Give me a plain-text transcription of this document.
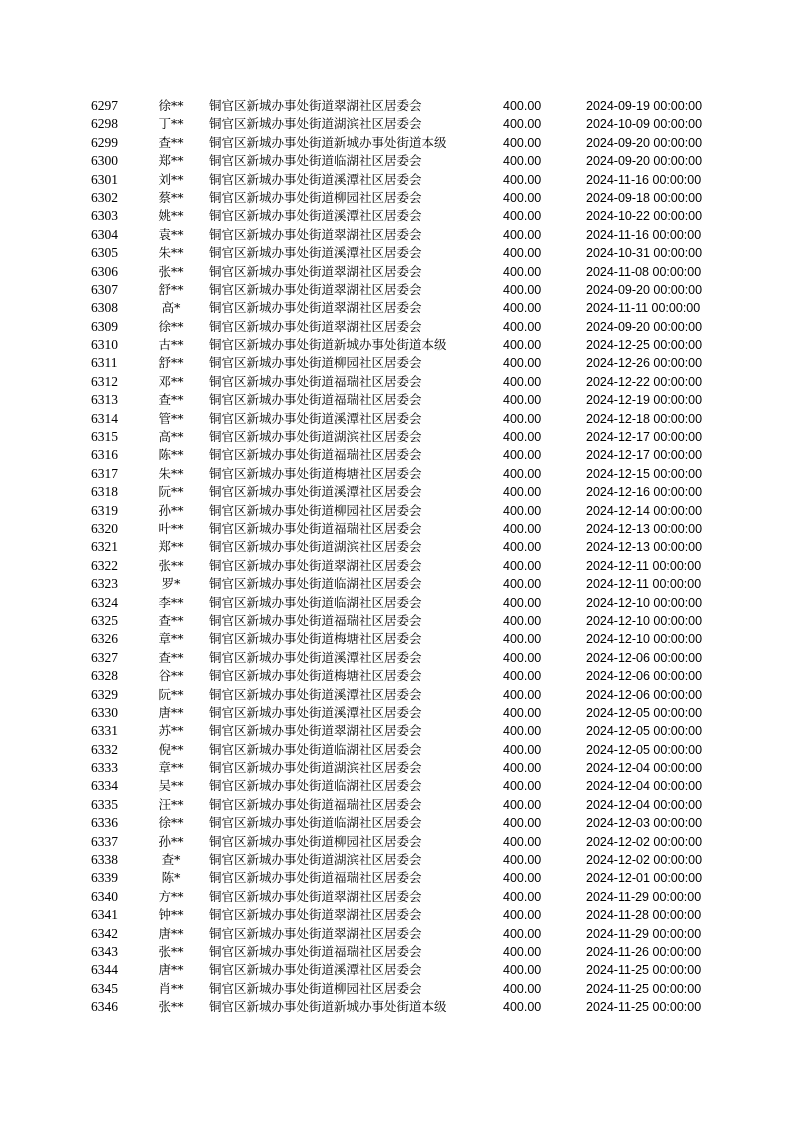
6297	徐**	铜官区新城办事处街道翠湖社区居委会	400.00	2024-09-19 00:00:00
6298	丁**	铜官区新城办事处街道湖滨社区居委会	400.00	2024-10-09 00:00:00
6299	查**	铜官区新城办事处街道新城办事处街道本级	400.00	2024-09-20 00:00:00
6300	郑**	铜官区新城办事处街道临湖社区居委会	400.00	2024-09-20 00:00:00
6301	刘**	铜官区新城办事处街道溪潭社区居委会	400.00	2024-11-16 00:00:00
6302	蔡**	铜官区新城办事处街道柳园社区居委会	400.00	2024-09-18 00:00:00
6303	姚**	铜官区新城办事处街道溪潭社区居委会	400.00	2024-10-22 00:00:00
6304	袁**	铜官区新城办事处街道翠湖社区居委会	400.00	2024-11-16 00:00:00
6305	朱**	铜官区新城办事处街道溪潭社区居委会	400.00	2024-10-31 00:00:00
6306	张**	铜官区新城办事处街道翠湖社区居委会	400.00	2024-11-08 00:00:00
6307	舒**	铜官区新城办事处街道翠湖社区居委会	400.00	2024-09-20 00:00:00
6308	高*	铜官区新城办事处街道翠湖社区居委会	400.00	2024-11-11 00:00:00
6309	徐**	铜官区新城办事处街道翠湖社区居委会	400.00	2024-09-20 00:00:00
6310	古**	铜官区新城办事处街道新城办事处街道本级	400.00	2024-12-25 00:00:00
6311	舒**	铜官区新城办事处街道柳园社区居委会	400.00	2024-12-26 00:00:00
6312	邓**	铜官区新城办事处街道福瑞社区居委会	400.00	2024-12-22 00:00:00
6313	查**	铜官区新城办事处街道福瑞社区居委会	400.00	2024-12-19 00:00:00
6314	管**	铜官区新城办事处街道溪潭社区居委会	400.00	2024-12-18 00:00:00
6315	高**	铜官区新城办事处街道湖滨社区居委会	400.00	2024-12-17 00:00:00
6316	陈**	铜官区新城办事处街道福瑞社区居委会	400.00	2024-12-17 00:00:00
6317	朱**	铜官区新城办事处街道梅塘社区居委会	400.00	2024-12-15 00:00:00
6318	阮**	铜官区新城办事处街道溪潭社区居委会	400.00	2024-12-16 00:00:00
6319	孙**	铜官区新城办事处街道柳园社区居委会	400.00	2024-12-14 00:00:00
6320	叶**	铜官区新城办事处街道福瑞社区居委会	400.00	2024-12-13 00:00:00
6321	郑**	铜官区新城办事处街道湖滨社区居委会	400.00	2024-12-13 00:00:00
6322	张**	铜官区新城办事处街道翠湖社区居委会	400.00	2024-12-11 00:00:00
6323	罗*	铜官区新城办事处街道临湖社区居委会	400.00	2024-12-11 00:00:00
6324	李**	铜官区新城办事处街道临湖社区居委会	400.00	2024-12-10 00:00:00
6325	查**	铜官区新城办事处街道福瑞社区居委会	400.00	2024-12-10 00:00:00
6326	章**	铜官区新城办事处街道梅塘社区居委会	400.00	2024-12-10 00:00:00
6327	查**	铜官区新城办事处街道溪潭社区居委会	400.00	2024-12-06 00:00:00
6328	谷**	铜官区新城办事处街道梅塘社区居委会	400.00	2024-12-06 00:00:00
6329	阮**	铜官区新城办事处街道溪潭社区居委会	400.00	2024-12-06 00:00:00
6330	唐**	铜官区新城办事处街道溪潭社区居委会	400.00	2024-12-05 00:00:00
6331	苏**	铜官区新城办事处街道翠湖社区居委会	400.00	2024-12-05 00:00:00
6332	倪**	铜官区新城办事处街道临湖社区居委会	400.00	2024-12-05 00:00:00
6333	章**	铜官区新城办事处街道湖滨社区居委会	400.00	2024-12-04 00:00:00
6334	吴**	铜官区新城办事处街道临湖社区居委会	400.00	2024-12-04 00:00:00
6335	汪**	铜官区新城办事处街道福瑞社区居委会	400.00	2024-12-04 00:00:00
6336	徐**	铜官区新城办事处街道临湖社区居委会	400.00	2024-12-03 00:00:00
6337	孙**	铜官区新城办事处街道柳园社区居委会	400.00	2024-12-02 00:00:00
6338	查*	铜官区新城办事处街道湖滨社区居委会	400.00	2024-12-02 00:00:00
6339	陈*	铜官区新城办事处街道福瑞社区居委会	400.00	2024-12-01 00:00:00
6340	方**	铜官区新城办事处街道翠湖社区居委会	400.00	2024-11-29 00:00:00
6341	钟**	铜官区新城办事处街道翠湖社区居委会	400.00	2024-11-28 00:00:00
6342	唐**	铜官区新城办事处街道翠湖社区居委会	400.00	2024-11-29 00:00:00
6343	张**	铜官区新城办事处街道福瑞社区居委会	400.00	2024-11-26 00:00:00
6344	唐**	铜官区新城办事处街道溪潭社区居委会	400.00	2024-11-25 00:00:00
6345	肖**	铜官区新城办事处街道柳园社区居委会	400.00	2024-11-25 00:00:00
6346	张**	铜官区新城办事处街道新城办事处街道本级	400.00	2024-11-25 00:00:00
